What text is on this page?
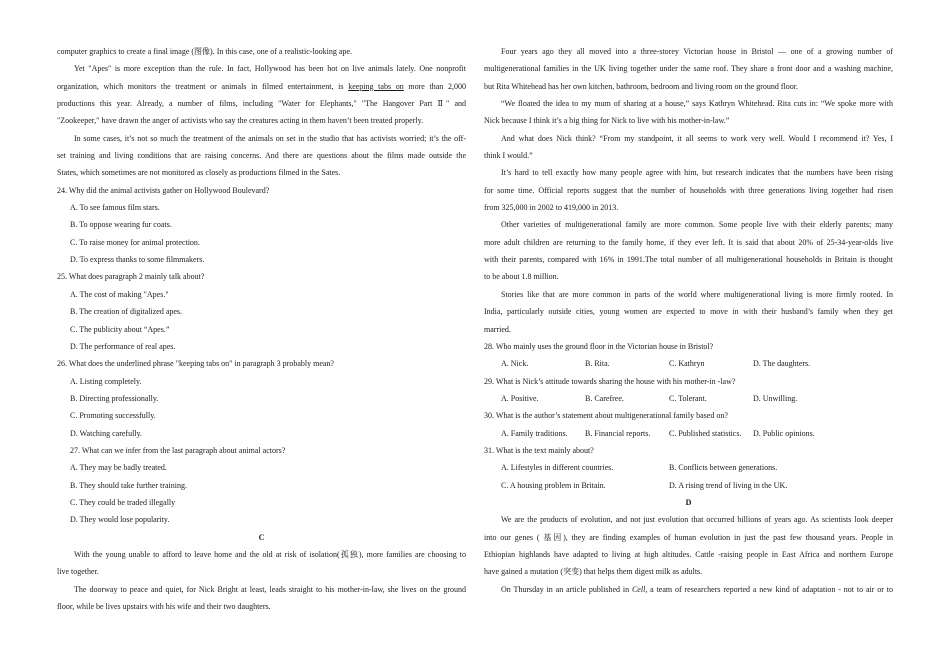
computer graphics to create a final image (图像). In this case, one of a realistic-looking ape.
Yet "Apes" is more exception than the rule. In fact, Hollywood has been hot on live animals lately. One nonprofit
organization, which monitors the treatment or animals in filmed entertainment, is keeping tabs on more than 2,000
productions this year. Already, a number of films, including "Water for Elephants," "The Hangover Part Ⅱ" and
"Zookeeper," have drawn the anger of activists who say the creatures acting in them haven’t been treated properly.
In some cases, it’s not so much the treatment of the animals on set in the studio that has activists worried; it’s the off-
set training and living conditions that are raising concerns. And there are questions about the films made outside the
States, which sometimes are not monitored as closely as productions filmed in the Sates.
24. Why did the animal activists gather on Hollywood Boulevard?
A. To see famous film stars.
B. To oppose wearing fur coats.
C. To raise money for animal protection.
D. To express thanks to some filmmakers.
25. What does paragraph 2 mainly talk about?
A. The cost of making "Apes."
B. The creation of digitalized apes.
C. The publicity about “Apes.”
D. The performance of real apes.
26. What does the underlined phrase "keeping tabs on" in paragraph 3 probably mean?
A. Listing completely.
B. Directing professionally.
C. Promoting successfully.
D. Watching carefully.
27. What can we infer from the last paragraph about animal actors?
A. They may be badly treated.
B. They should take further training.
C. They could be traded illegally
D. They would lose popularity.
C
With the young unable to afford to leave home and the old at risk of isolation(孤独), more families are choosing to
live together.
The doorway to peace and quiet, for Nick Bright at least, leads straight to his mother-in-law, she lives on the ground
floor, while be lives upstairs with his wife and their two daughters.
Four years ago they all moved into a three-storey Victorian house in Bristol — one of a growing number of
multigenerational families in the UK living together under the same roof. They share a front door and a washing machine,
but Rita Whitehead has her own kitchen, bathroom, bedroom and living room on the ground floor.
“We floated the idea to my mum of sharing at a house,” says Kathryn Whitehead. Rita cuts in: “We spoke more with
Nick because I think it’s a big thing for Nick to live with his mother-in-law.”
And what does Nick think? “From my standpoint, it all seems to work very well. Would I recommend it? Yes, I
think I would.”
It’s hard to tell exactly how many people agree with him, but research indicates that the numbers have been rising
for some time. Official reports suggest that the number of households with three generations living together had risen
from 325,000 in 2002 to 419,000 in 2013.
Other varieties of multigenerational family are more common. Some people live with their elderly parents; many
more adult children are returning to the family home, if they ever left. It is said that about 20% of 25-34-year-olds live
with their parents, compared with 16% in 1991.The total number of all multigenerational households in Britain is thought
to be about 1.8 million.
Stories like that are more common in parts of the world where multigenerational living is more firmly rooted. In
India, particularly outside cities, young women are expected to move in with their husband’s family when they get
married.
28. Who mainly uses the ground floor in the Victorian house in Bristol?
A. Nick.	B. Rita.	C. Kathryn	D. The daughters.
29. What is Nick’s attitude towards sharing the house with his mother-in -law?
A. Positive.	B. Carefree.	C. Tolerant.	D. Unwilling.
30. What is the author’s statement about multigenerational family based on?
A. Family traditions.	B. Financial reports.	C. Published statistics.	D. Public opinions.
31. What is the text mainly about?
A. Lifestyles in different countries.	B. Conflicts between generations.
C. A housing problem in Britain.	D. A rising trend of living in the UK.
D
We are the products of evolution, and not just evolution that occurred billions of years ago. As scientists look deeper
into our genes ( 基因), they are finding examples of human evolution in just the past few thousand years. People in
Ethiopian highlands have adapted to living at high altitudes. Cattle -raising people in East Africa and northern Europe
have gained a mutation (突变) that helps them digest milk as adults.
On Thursday in an article published in Cell, a team of researchers reported a new kind of adaptation - not to air or to
